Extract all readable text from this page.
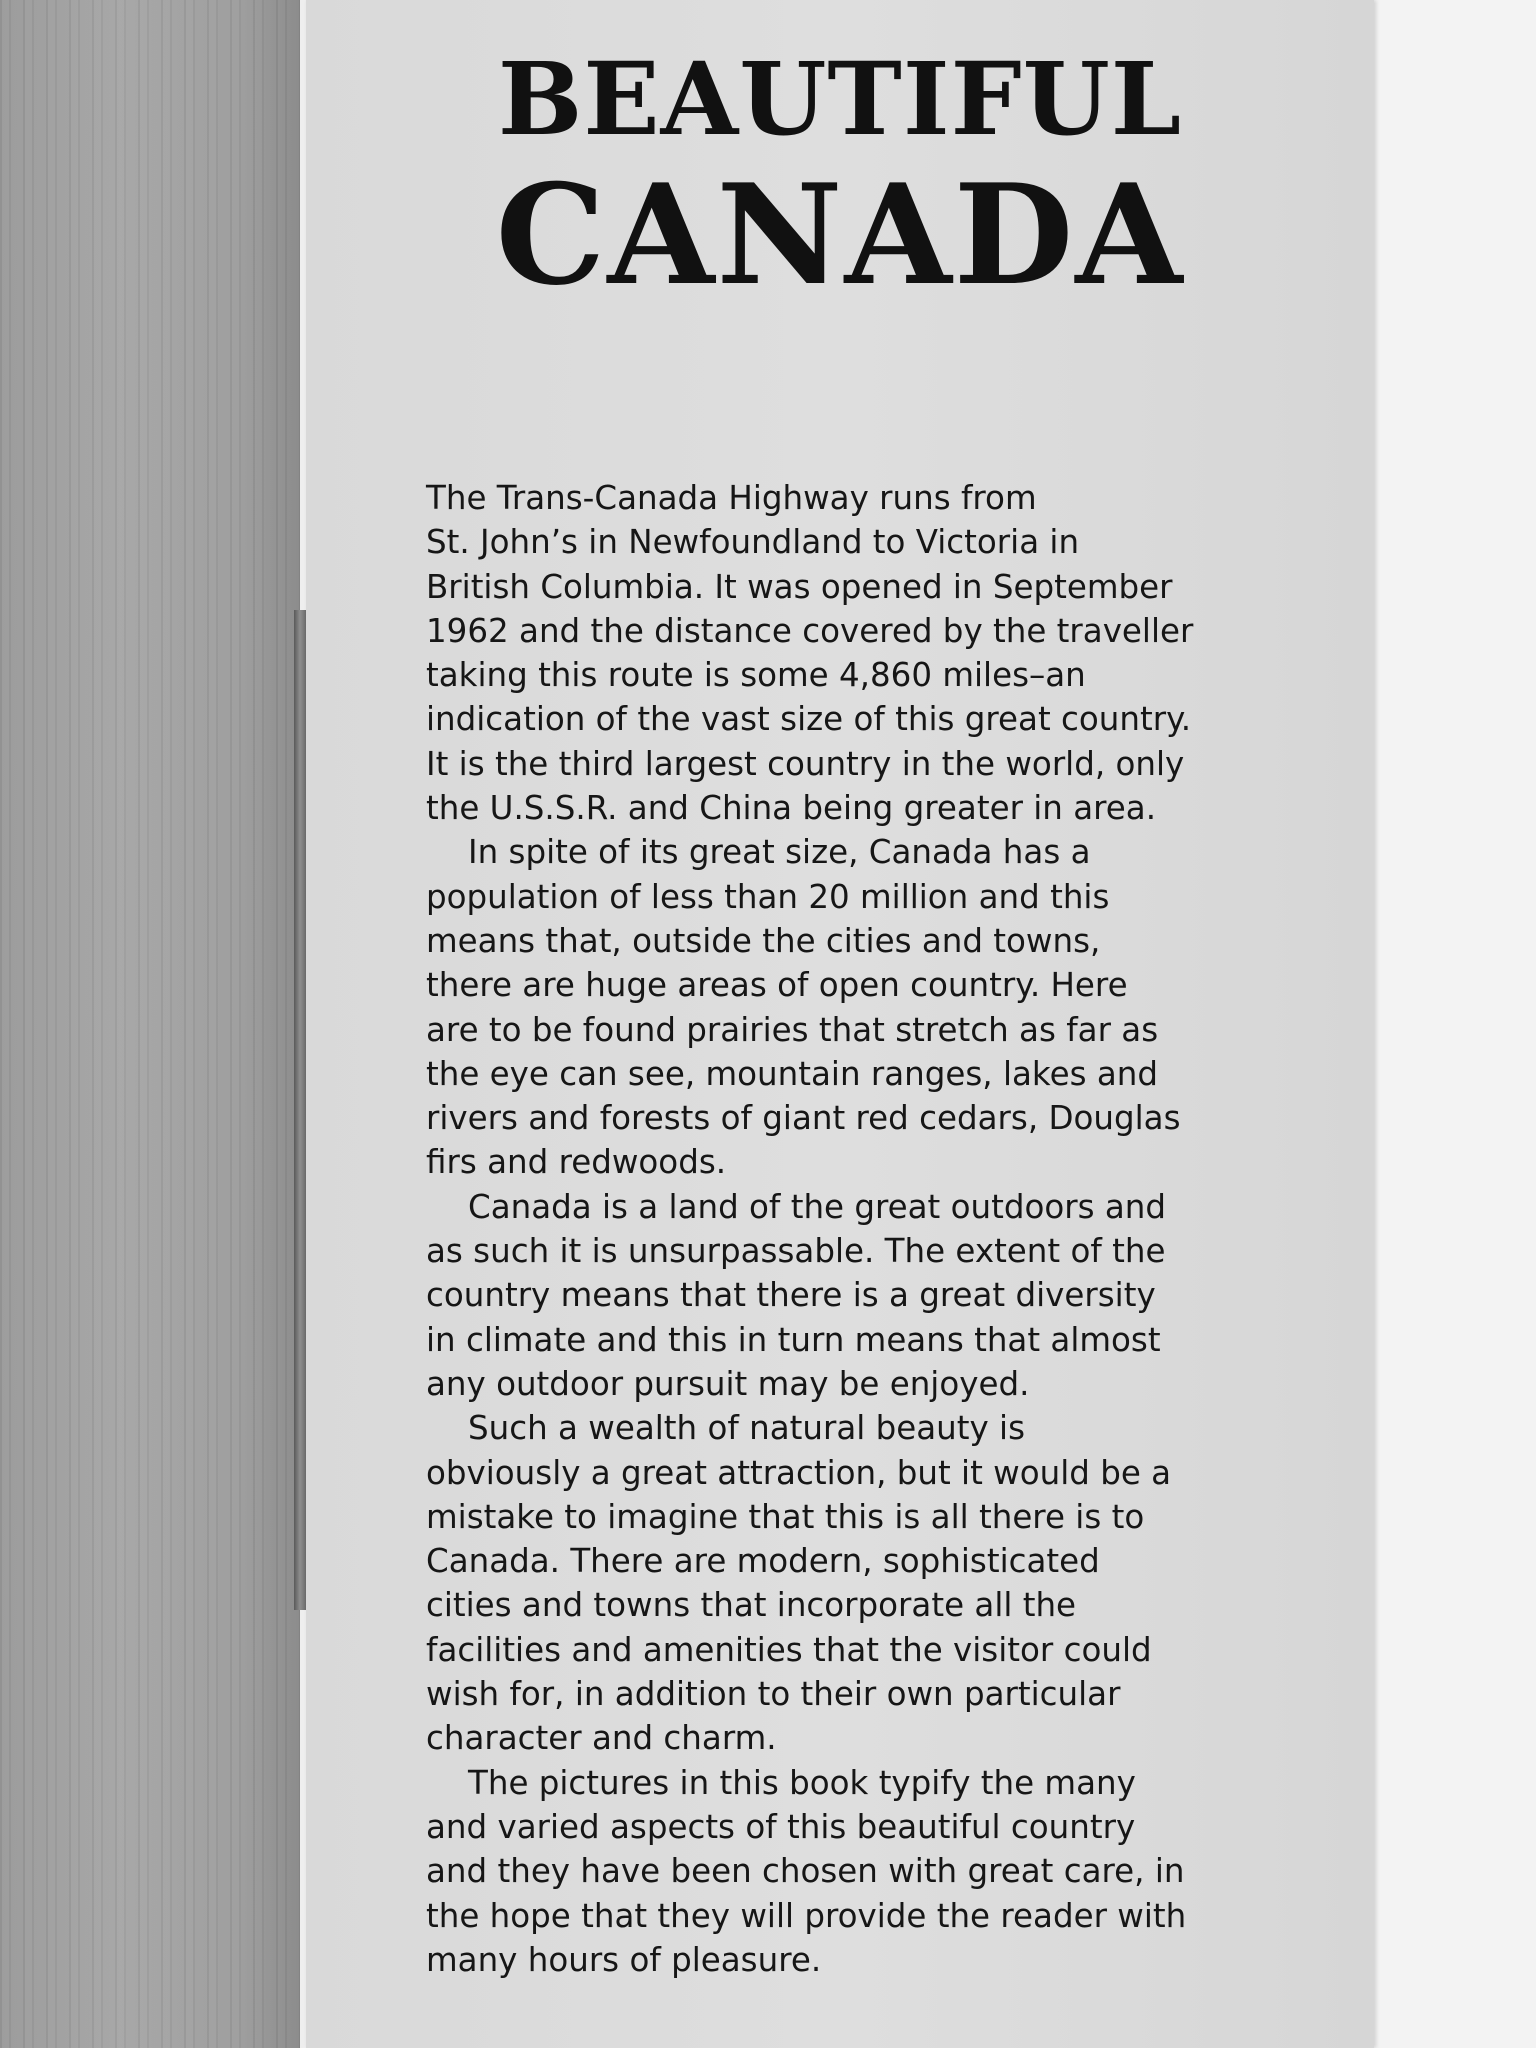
BEAUTIFUL
CANADA

The Trans-Canada Highway runs from

St. John’s in Newfoundland to Victoria in

British Columbia. It was opened in September

1962 and the distance covered by the traveller

taking this route is some 4,860 miles–an

indication of the vast size of this great country.

It is the third largest country in the world, only

the U.S.S.R. and China being greater in area.

In spite of its great size, Canada has a

population of less than 20 million and this

means that, outside the cities and towns,

there are huge areas of open country. Here

are to be found prairies that stretch as far as

the eye can see, mountain ranges, lakes and

rivers and forests of giant red cedars, Douglas

firs and redwoods.

Canada is a land of the great outdoors and

as such it is unsurpassable. The extent of the

country means that there is a great diversity

in climate and this in turn means that almost

any outdoor pursuit may be enjoyed.

Such a wealth of natural beauty is

obviously a great attraction, but it would be a

mistake to imagine that this is all there is to

Canada. There are modern, sophisticated

cities and towns that incorporate all the

facilities and amenities that the visitor could

wish for, in addition to their own particular

character and charm.

The pictures in this book typify the many

and varied aspects of this beautiful country

and they have been chosen with great care, in

the hope that they will provide the reader with

many hours of pleasure.
